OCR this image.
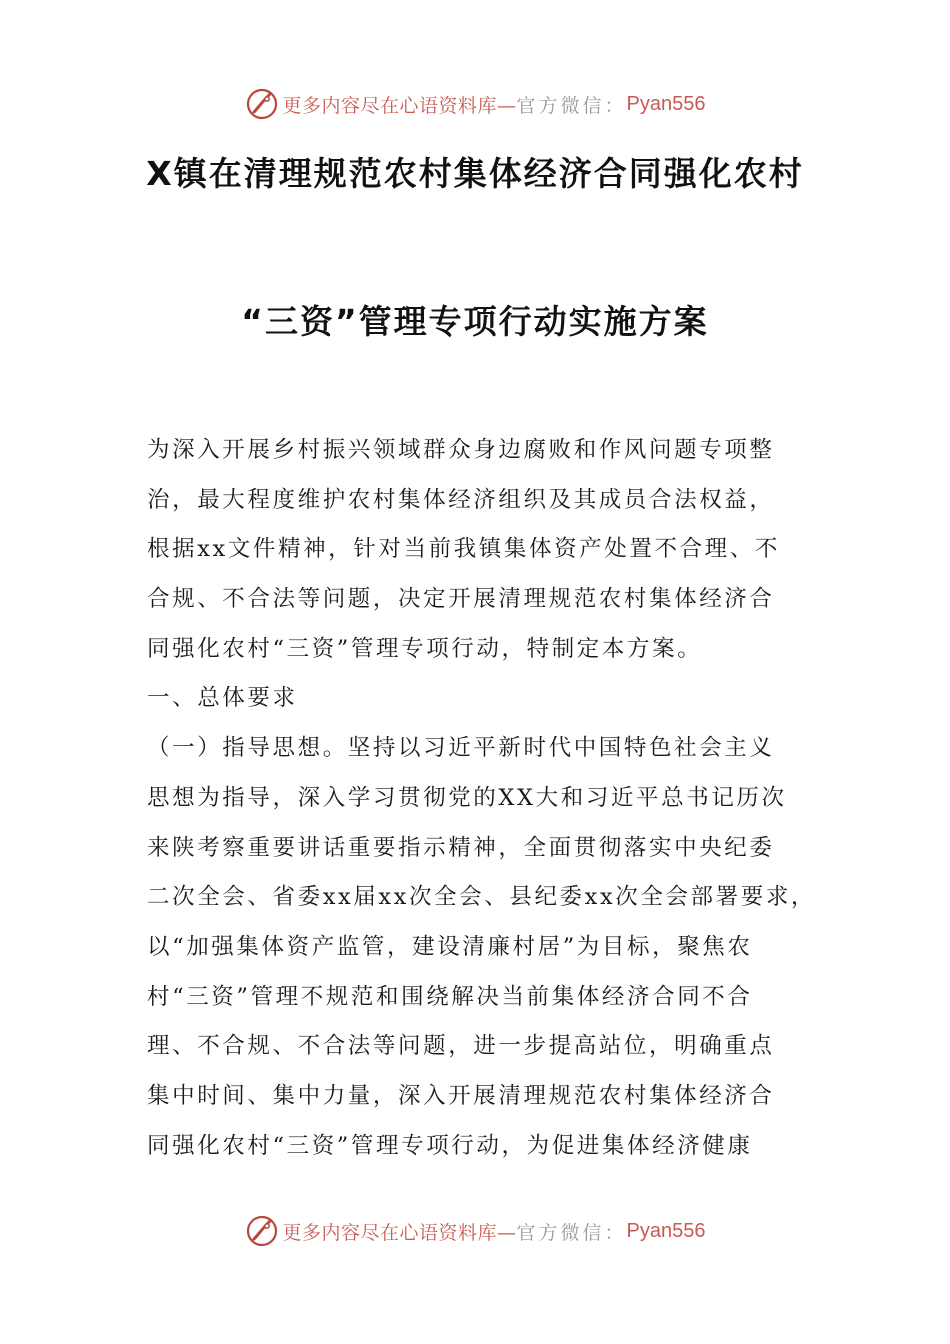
更多内容尽在心语资料库— 官方微信： Pyan556
X镇在清理规范农村集体经济合同强化农村
“三资”管理专项行动实施方案
为深入开展乡村振兴领域群众身边腐败和作风问题专项整
治，最大程度维护农村集体经济组织及其成员合法权益，
根据xx文件精神，针对当前我镇集体资产处置不合理、不
合规、不合法等问题，决定开展清理规范农村集体经济合
同强化农村“三资”管理专项行动，特制定本方案。
一、总体要求
（一）指导思想。坚持以习近平新时代中国特色社会主义
思想为指导，深入学习贯彻党的XX大和习近平总书记历次
来陕考察重要讲话重要指示精神，全面贯彻落实中央纪委
二次全会、省委xx届xx次全会、县纪委xx次全会部署要求，
以“加强集体资产监管，建设清廉村居”为目标，聚焦农
村“三资”管理不规范和围绕解决当前集体经济合同不合
理、不合规、不合法等问题，进一步提高站位，明确重点
集中时间、集中力量，深入开展清理规范农村集体经济合
同强化农村“三资”管理专项行动，为促进集体经济健康
更多内容尽在心语资料库— 官方微信： Pyan556
